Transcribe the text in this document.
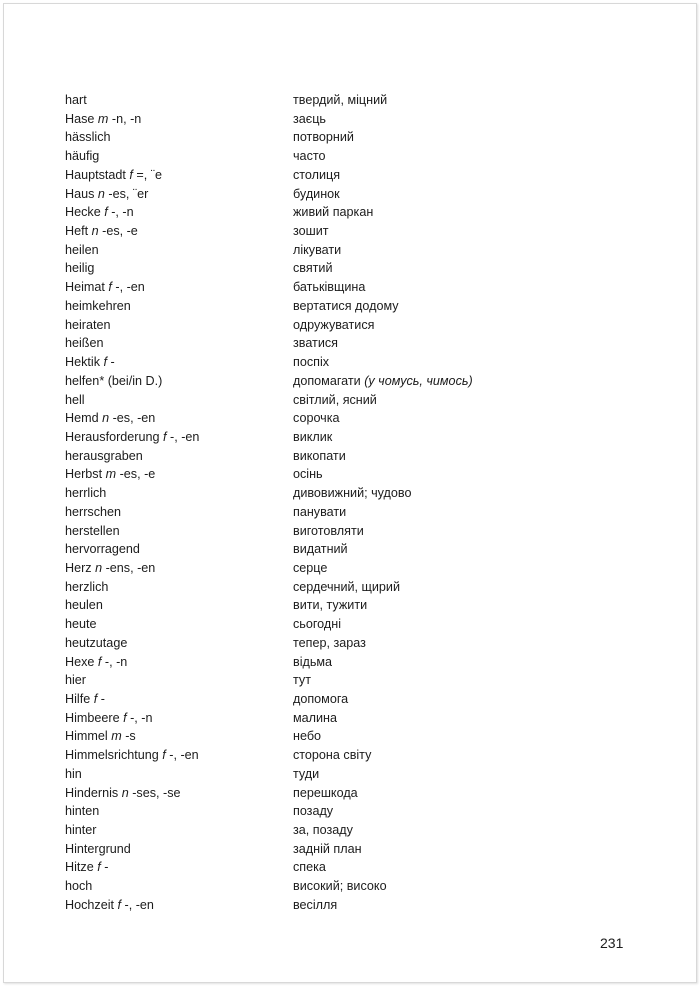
hart	твердий, міцний
Hase m -n, -n	заєць
hässlich	потворний
häufig	часто
Hauptstadt f =, ¨e	столиця
Haus n -es, ¨er	будинок
Hecke f -, -n	живий паркан
Heft n -es, -e	зошит
heilen	лікувати
heilig	святий
Heimat f -, -en	батьківщина
heimkehren	вертатися додому
heiraten	одружуватися
heißen	зватися
Hektik f -	поспіх
helfen* (bei/in D.)	допомагати (у чомусь, чимось)
hell	світлий, ясний
Hemd n -es, -en	сорочка
Herausforderung f -, -en	виклик
herausgraben	викопати
Herbst m -es, -e	осінь
herrlich	дивовижний; чудово
herrschen	панувати
herstellen	виготовляти
hervorragend	видатний
Herz n -ens, -en	серце
herzlich	сердечний, щирий
heulen	вити, тужити
heute	сьогодні
heutzutage	тепер, зараз
Hexe f -, -n	відьма
hier	тут
Hilfe f -	допомога
Himbeere f -, -n	малина
Himmel m -s	небо
Himmelsrichtung f -, -en	сторона світу
hin	туди
Hindernis n -ses, -se	перешкода
hinten	позаду
hinter	за, позаду
Hintergrund	задній план
Hitze f -	спека
hoch	високий; високо
Hochzeit f -, -en	весілля
231
